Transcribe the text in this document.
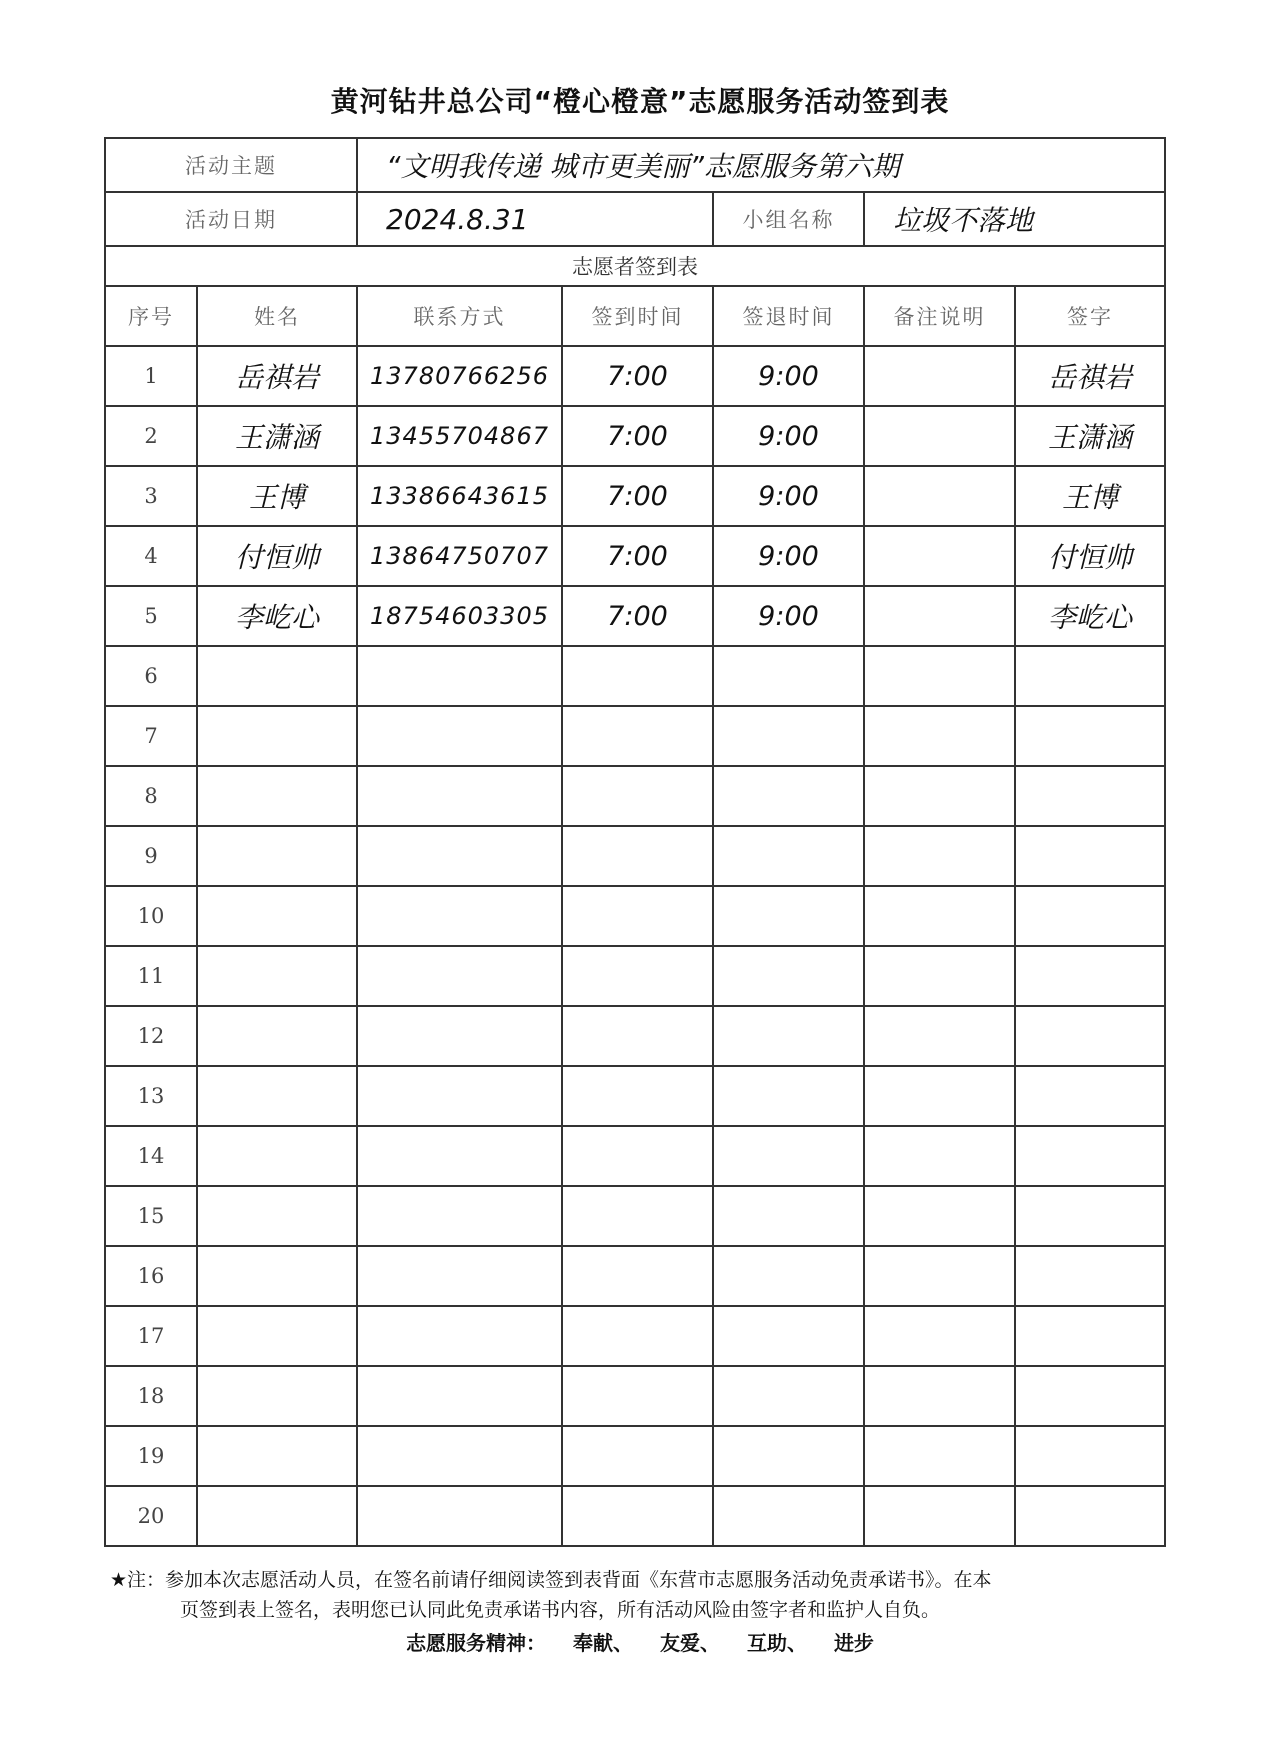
黄河钻井总公司“橙心橙意”志愿服务活动签到表
活动主题		“文明我传递 城市更美丽”志愿服务第六期				
活动日期		2024.8.31		小组名称	垃圾不落地	
志愿者签到表						
序号	姓名	联系方式	签到时间	签退时间	备注说明	签字
1	岳祺岩	13780766256	7:00	9:00		岳祺岩
2	王潇涵	13455704867	7:00	9:00		王潇涵
3	王博	13386643615	7:00	9:00		王博
4	付恒帅	13864750707	7:00	9:00		付恒帅
5	李屹心	18754603305	7:00	9:00		李屹心
6						
7						
8						
9						
10						
11						
12						
13						
14						
15						
16						
17						
18						
19						
20						
★注：参加本次志愿活动人员，在签名前请仔细阅读签到表背面《东营市志愿服务活动免责承诺书》。在本
页签到表上签名，表明您已认同此免责承诺书内容，所有活动风险由签字者和监护人自负。
志愿服务精神： 奉献、 友爱、 互助、 进步
